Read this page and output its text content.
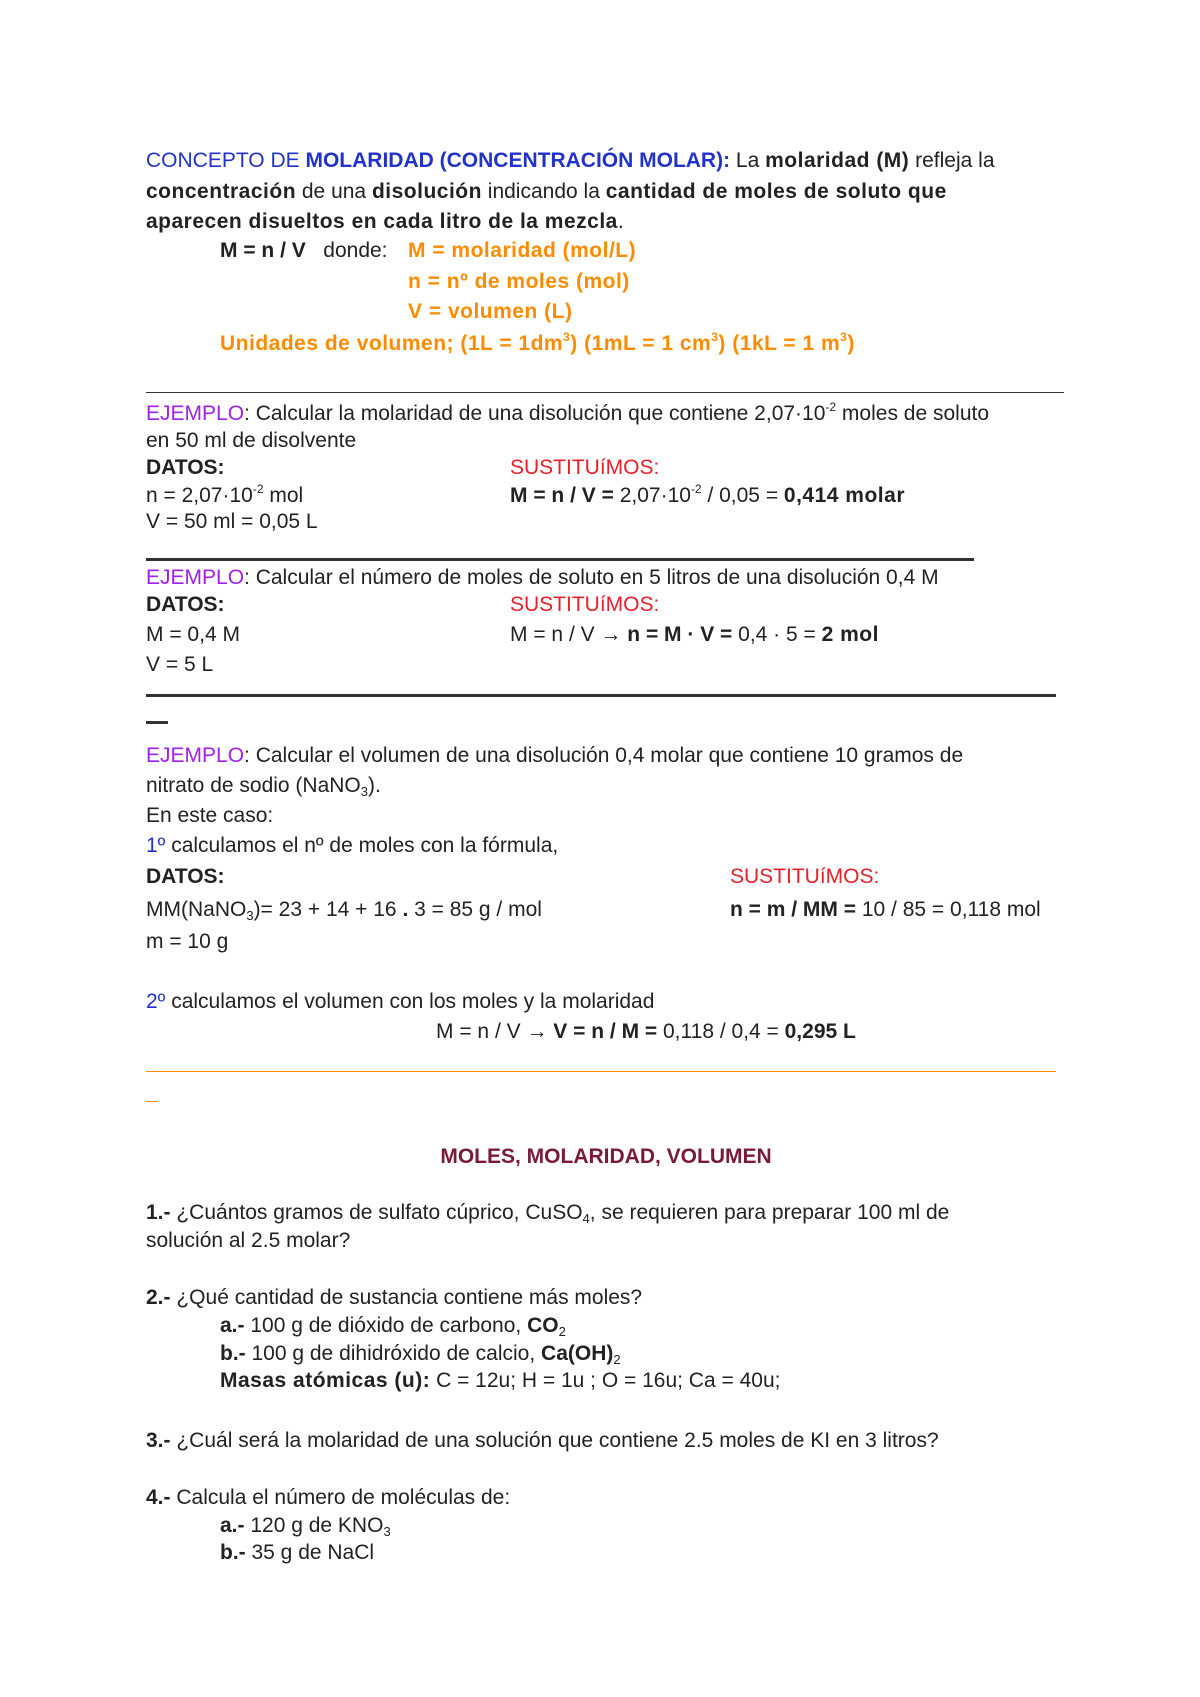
CONCEPTO DE MOLARIDAD (CONCENTRACIÓN MOLAR): La molaridad (M) refleja la
concentración de una disolución indicando la cantidad de moles de soluto que
aparecen disueltos en cada litro de la mezcla.
M = n / V donde: M = molaridad (mol/L)
n = nº de moles (mol)
V = volumen (L)
Unidades de volumen; $(1L = 1dm^3)$ (1mL = 1 $cm^3$) (1kL = 1 $m^3$)
EJEMPLO: Calcular la molaridad de una disolución que contiene $2,07\cdot 10^{-2}$ moles de soluto
en 50 ml de disolvente
DATOS:	SUSTITUíMOS:
$n = 2,07\cdot 10^{-2}$ mol	$M = n / V = 2,07\cdot 10^{-2} / 0,05 = 0,414$ molar
V = 50 ml = 0,05 L
EJEMPLO: Calcular el número de moles de soluto en 5 litros de una disolución 0,4 M
DATOS:	SUSTITUíMOS:
M = 0,4 M	M = n / V → n = M · V = 0,4 · 5 = 2 mol
V = 5 L
EJEMPLO: Calcular el volumen de una disolución 0,4 molar que contiene 10 gramos de
nitrato de sodio (NaNO$_3$).
En este caso:
1º calculamos el nº de moles con la fórmula,
DATOS:	SUSTITUíMOS:
MM(NaNO$_3$)= 23 + 14 + 16 . 3 = 85 g / mol	n = m / MM = 10 / 85 = 0,118 mol
m = 10 g
2º calculamos el volumen con los moles y la molaridad
M = n / V → V = n / M = 0,118 / 0,4 = 0,295 L
MOLES, MOLARIDAD, VOLUMEN
1.- ¿Cuántos gramos de sulfato cúprico, CuSO$_4$, se requieren para preparar 100 ml de
solución al 2.5 molar?
2.- ¿Qué cantidad de sustancia contiene más moles?
a.- 100 g de dióxido de carbono, $CO_2$
b.- 100 g de dihidróxido de calcio, $Ca(OH)_2$
Masas atómicas (u): C = 12u; H = 1u ; O = 16u; Ca = 40u;
3.- ¿Cuál será la molaridad de una solución que contiene 2.5 moles de KI en 3 litros?
4.- Calcula el número de moléculas de:
a.- 120 g de $KNO_3$
b.- 35 g de NaCl
